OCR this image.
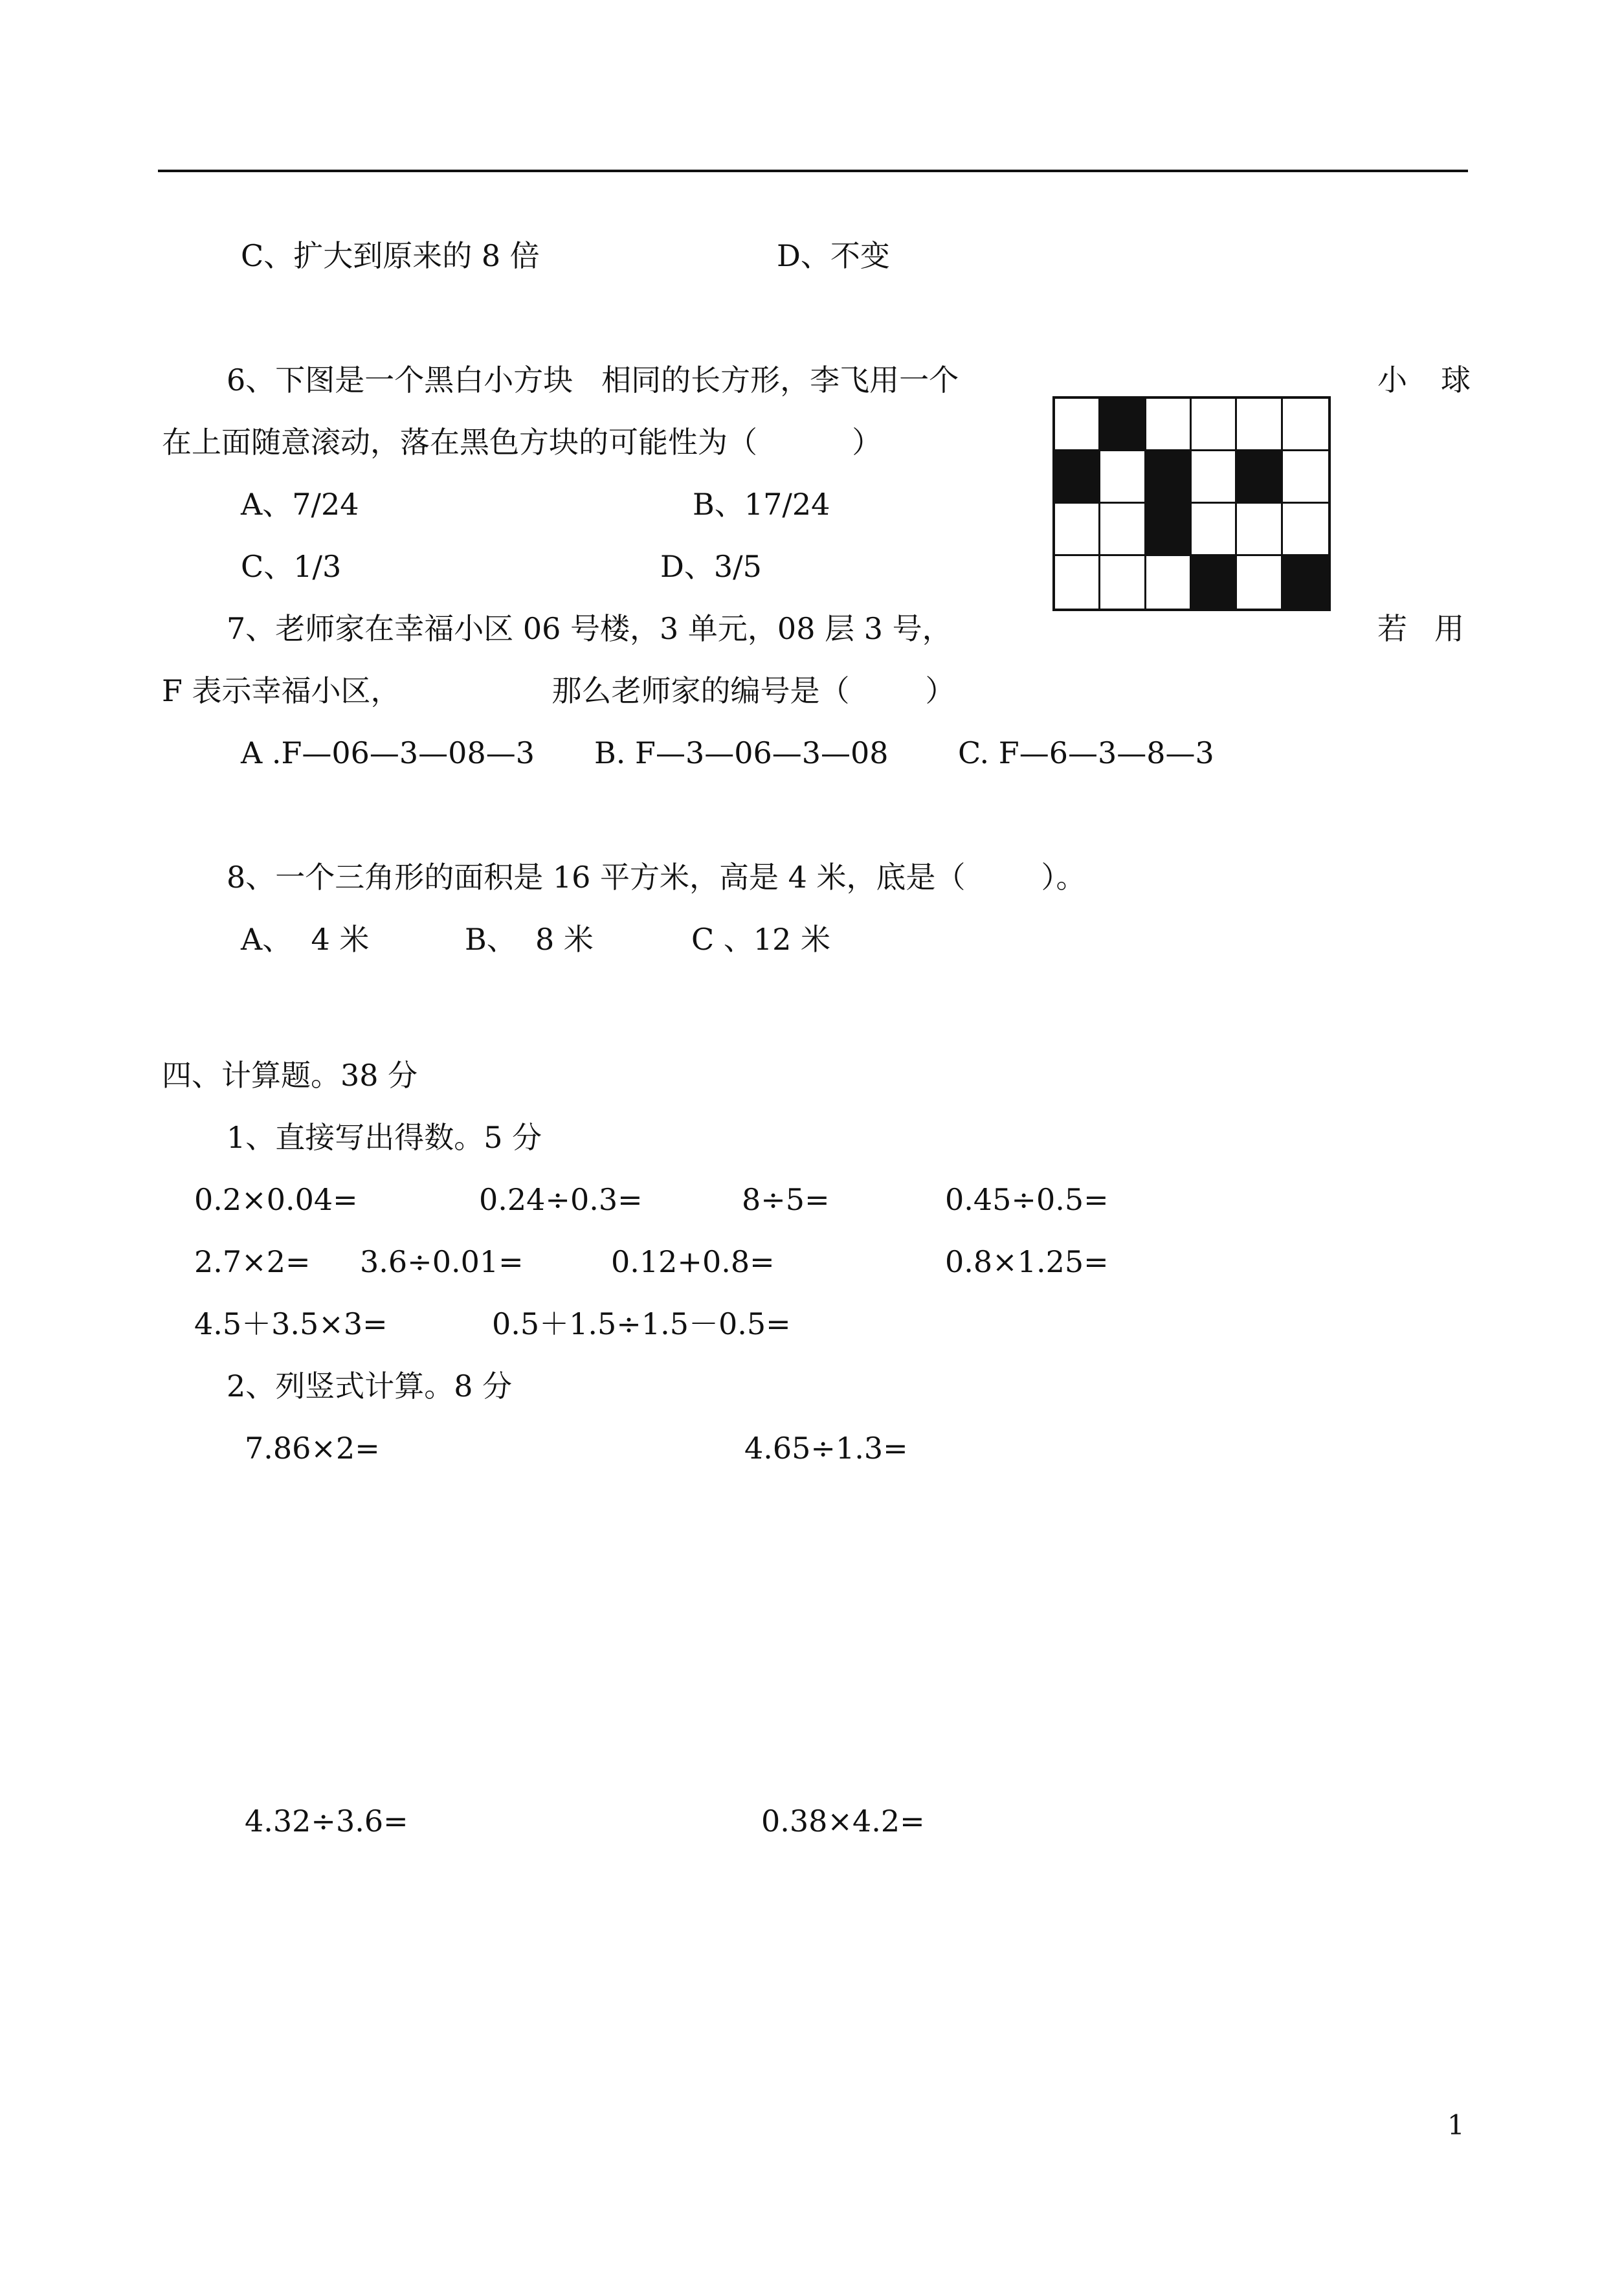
C、扩大到原来的 8 倍	D、不变
6、下图是一个黑白小方块   相同的长方形，李飞用一个	小 球
在上面随意滚动，落在黑色方块的可能性为（          ）
A、7/24	B、17/24
C、1/3	D、3/5
7、老师家在幸福小区 06 号楼，3 单元，08 层 3 号，	若 用
F 表示幸福小区，                那么老师家的编号是（        ）
A .F—06—3—08—3 B. F—3—06—3—08 C. F—6—3—8—3
8、一个三角形的面积是 16 平方米，高是 4 米，底是（        ）。
A、  4 米	B、  8 米	C 、12 米
四、计算题。38 分
1、直接写出得数。5 分
0.2×0.04=	0.24÷0.3=	8÷5=	0.45÷0.5=
2.7×2= 3.6÷0.01=	0.12+0.8=	0.8×1.25=
4.5＋3.5×3=	0.5＋1.5÷1.5－0.5=
2、列竖式计算。8 分
7.86×2=	4.65÷1.3=
4.32÷3.6=	0.38×4.2=
1
